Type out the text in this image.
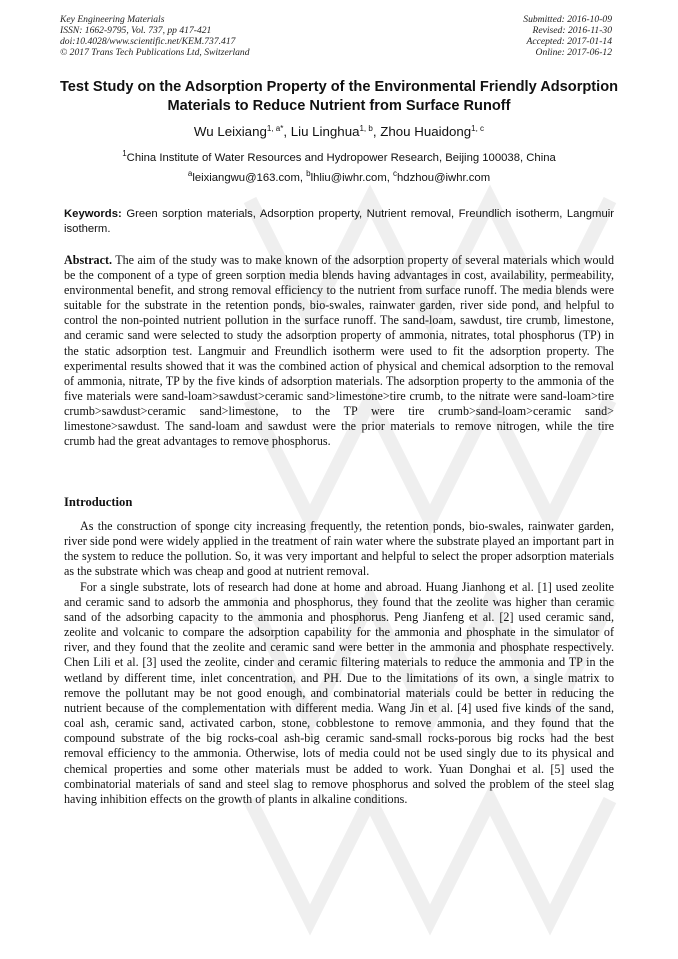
Key Engineering Materials
ISSN: 1662-9795, Vol. 737, pp 417-421
doi:10.4028/www.scientific.net/KEM.737.417
© 2017 Trans Tech Publications Ltd, Switzerland
Submitted: 2016-10-09
Revised: 2016-11-30
Accepted: 2017-01-14
Online: 2017-06-12
Test Study on the Adsorption Property of the Environmental Friendly Adsorption Materials to Reduce Nutrient from Surface Runoff
Wu Leixiang$^{1, a*}$, Liu Linghua$^{1, b}$, Zhou Huaidong$^{1, c}$
$^1$China Institute of Water Resources and Hydropower Research, Beijing 100038, China
$^a$leixiangwu@163.com, $^b$lhliu@iwhr.com, $^c$hdzhou@iwhr.com
Keywords: Green sorption materials, Adsorption property, Nutrient removal, Freundlich isotherm, Langmuir isotherm.
Abstract. The aim of the study was to make known of the adsorption property of several materials which would be the component of a type of green sorption media blends having advantages in cost, availability, permeability, environmental benefit, and strong removal efficiency to the nutrient from surface runoff. The media blends were suitable for the substrate in the retention ponds, bio-swales, rainwater garden, river side pond, and helpful to control the non-pointed nutrient pollution in the surface runoff. The sand-loam, sawdust, tire crumb, limestone, and ceramic sand were selected to study the adsorption property of ammonia, nitrates, total phosphorus (TP) in the static adsorption test. Langmuir and Freundlich isotherm were used to fit the adsorption property. The experimental results showed that it was the combined action of physical and chemical adsorption to the removal of ammonia, nitrate, TP by the five kinds of adsorption materials. The adsorption property to the ammonia of the five materials were sand-loam>sawdust>ceramic sand>limestone>tire crumb, to the nitrate were sand-loam>tire crumb>sawdust>ceramic sand>limestone, to the TP were tire crumb>sand-loam>ceramic sand> limestone>sawdust. The sand-loam and sawdust were the prior materials to remove nitrogen, while the tire crumb had the great advantages to remove phosphorus.
Introduction

As the construction of sponge city increasing frequently, the retention ponds, bio-swales, rainwater garden, river side pond were widely applied in the treatment of rain water where the substrate played an important part in the system to reduce the pollution. So, it was very important and helpful to select the proper adsorption materials as the substrate which was cheap and good at nutrient removal.

For a single substrate, lots of research had done at home and abroad. Huang Jianhong et al. [1] used zeolite and ceramic sand to adsorb the ammonia and phosphorus, they found that the zeolite was higher than ceramic sand of the adsorbing capacity to the ammonia and phosphorus. Peng Jianfeng et al. [2] used ceramic sand, zeolite and volcanic to compare the adsorption capability for the ammonia and phosphate in the simulator of river, and they found that the zeolite and ceramic sand were better in the ammonia and phosphate respectively. Chen Lili et al. [3] used the zeolite, cinder and ceramic filtering materials to reduce the ammonia and TP in the wetland by different time, inlet concentration, and PH. Due to the limitations of its own, a single matrix to remove the pollutant may be not good enough, and combinatorial materials could be better in reducing the nutrient because of the complementation with different media. Wang Jin et al. [4] used five kinds of the sand, coal ash, ceramic sand, activated carbon, stone, cobblestone to remove ammonia, and they found that the compound substrate of the big rocks-coal ash-big ceramic sand-small rocks-porous big rocks had the best removal efficiency to the ammonia. Otherwise, lots of media could not be used singly due to its physical and chemical properties and some other materials must be added to work. Yuan Donghai et al. [5] used the combinatorial materials of sand and steel slag to remove phosphorus and solved the problem of the steel slag having inhibition effects on the growth of plants in alkaline conditions.
